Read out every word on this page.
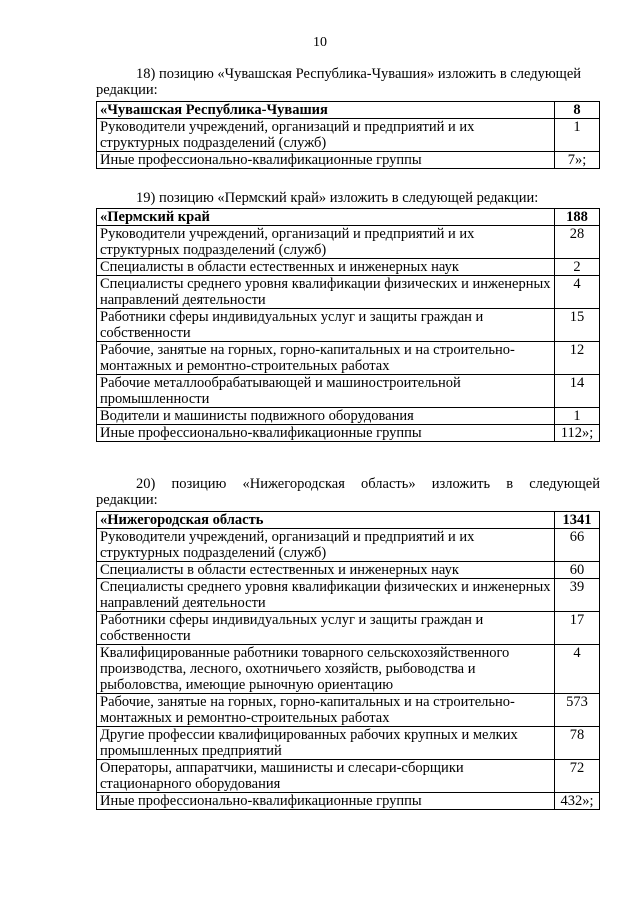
10
18) позицию «Чувашская Республика-Чувашия» изложить в следующей
редакции:
«Чувашская Республика-Чувашия	8
Руководители учреждений, организаций и предприятий и их структурных подразделений (служб)	1
Иные профессионально-квалификационные группы	7»;
19) позицию «Пермский край» изложить в следующей редакции:
«Пермский край	188
Руководители учреждений, организаций и предприятий и их структурных подразделений (служб)	28
Специалисты в области естественных и инженерных наук	2
Специалисты среднего уровня квалификации физических и инженерных направлений деятельности	4
Работники сферы индивидуальных услуг и защиты граждан и собственности	15
Рабочие, занятые на горных, горно-капитальных и на строительно-монтажных и ремонтно-строительных работах	12
Рабочие металлообрабатывающей и машиностроительной промышленности	14
Водители и машинисты подвижного оборудования	1
Иные профессионально-квалификационные группы	112»;
20) позицию «Нижегородская область» изложить в следующей
редакции:
«Нижегородская область	1341
Руководители учреждений, организаций и предприятий и их структурных подразделений (служб)	66
Специалисты в области естественных и инженерных наук	60
Специалисты среднего уровня квалификации физических и инженерных направлений деятельности	39
Работники сферы индивидуальных услуг и защиты граждан и собственности	17
Квалифицированные работники товарного сельскохозяйственного производства, лесного, охотничьего хозяйств, рыбоводства и рыболовства, имеющие рыночную ориентацию	4
Рабочие, занятые на горных, горно-капитальных и на строительно-монтажных и ремонтно-строительных работах	573
Другие профессии квалифицированных рабочих крупных и мелких промышленных предприятий	78
Операторы, аппаратчики, машинисты и слесари-сборщики стационарного оборудования	72
Иные профессионально-квалификационные группы	432»;
